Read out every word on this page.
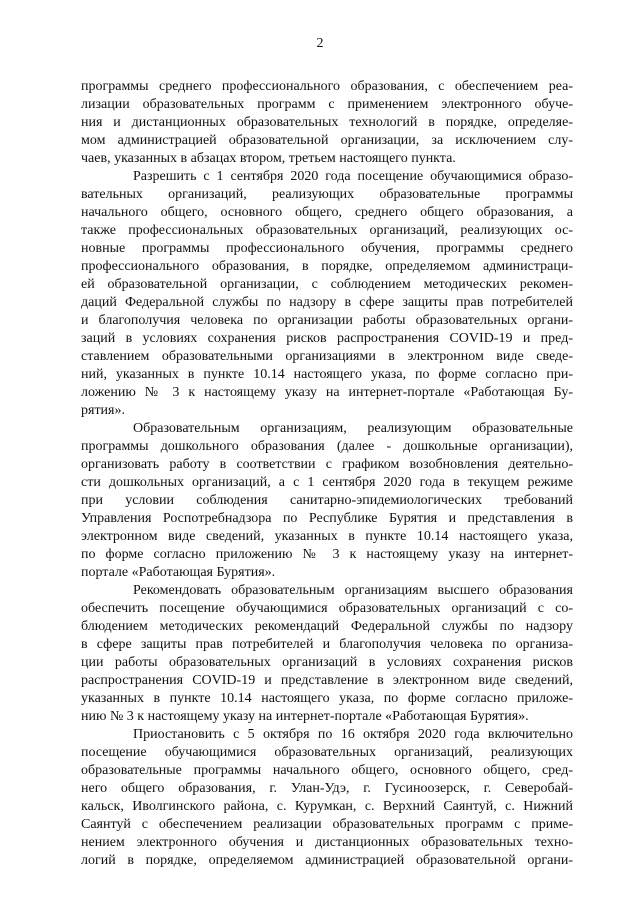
2
программы среднего профессионального образования, с обеспечением реа-
лизации образовательных программ с применением электронного обуче-
ния и дистанционных образовательных технологий в порядке, определяе-
мом администрацией образовательной организации, за исключением слу-
чаев, указанных в абзацах втором, третьем настоящего пункта.
Разрешить с 1 сентября 2020 года посещение обучающимися образо-
вательных организаций, реализующих образовательные программы
начального общего, основного общего, среднего общего образования, а
также профессиональных образовательных организаций, реализующих ос-
новные программы профессионального обучения, программы среднего
профессионального образования, в порядке, определяемом администраци-
ей образовательной организации, с соблюдением методических рекомен-
даций Федеральной службы по надзору в сфере защиты прав потребителей
и благополучия человека по организации работы образовательных органи-
заций в условиях сохранения рисков распространения COVID-19 и пред-
ставлением образовательными организациями в электронном виде сведе-
ний, указанных в пункте 10.14 настоящего указа, по форме согласно при-
ложению № 3 к настоящему указу на интернет-портале «Работающая Бу-
рятия».
Образовательным организациям, реализующим образовательные
программы дошкольного образования (далее - дошкольные организации),
организовать работу в соответствии с графиком возобновления деятельно-
сти дошкольных организаций, а с 1 сентября 2020 года в текущем режиме
при условии соблюдения санитарно-эпидемиологических требований
Управления Роспотребнадзора по Республике Бурятия и представления в
электронном виде сведений, указанных в пункте 10.14 настоящего указа,
по форме согласно приложению № 3 к настоящему указу на интернет-
портале «Работающая Бурятия».
Рекомендовать образовательным организациям высшего образования
обеспечить посещение обучающимися образовательных организаций с со-
блюдением методических рекомендаций Федеральной службы по надзору
в сфере защиты прав потребителей и благополучия человека по организа-
ции работы образовательных организаций в условиях сохранения рисков
распространения COVID-19 и представление в электронном виде сведений,
указанных в пункте 10.14 настоящего указа, по форме согласно приложе-
нию № 3 к настоящему указу на интернет-портале «Работающая Бурятия».
Приостановить с 5 октября по 16 октября 2020 года включительно
посещение обучающимися образовательных организаций, реализующих
образовательные программы начального общего, основного общего, сред-
него общего образования, г. Улан-Удэ, г. Гусиноозерск, г. Северобай-
кальск, Иволгинского района, с. Курумкан, с. Верхний Саянтуй, с. Нижний
Саянтуй с обеспечением реализации образовательных программ с приме-
нением электронного обучения и дистанционных образовательных техно-
логий в порядке, определяемом администрацией образовательной органи-
